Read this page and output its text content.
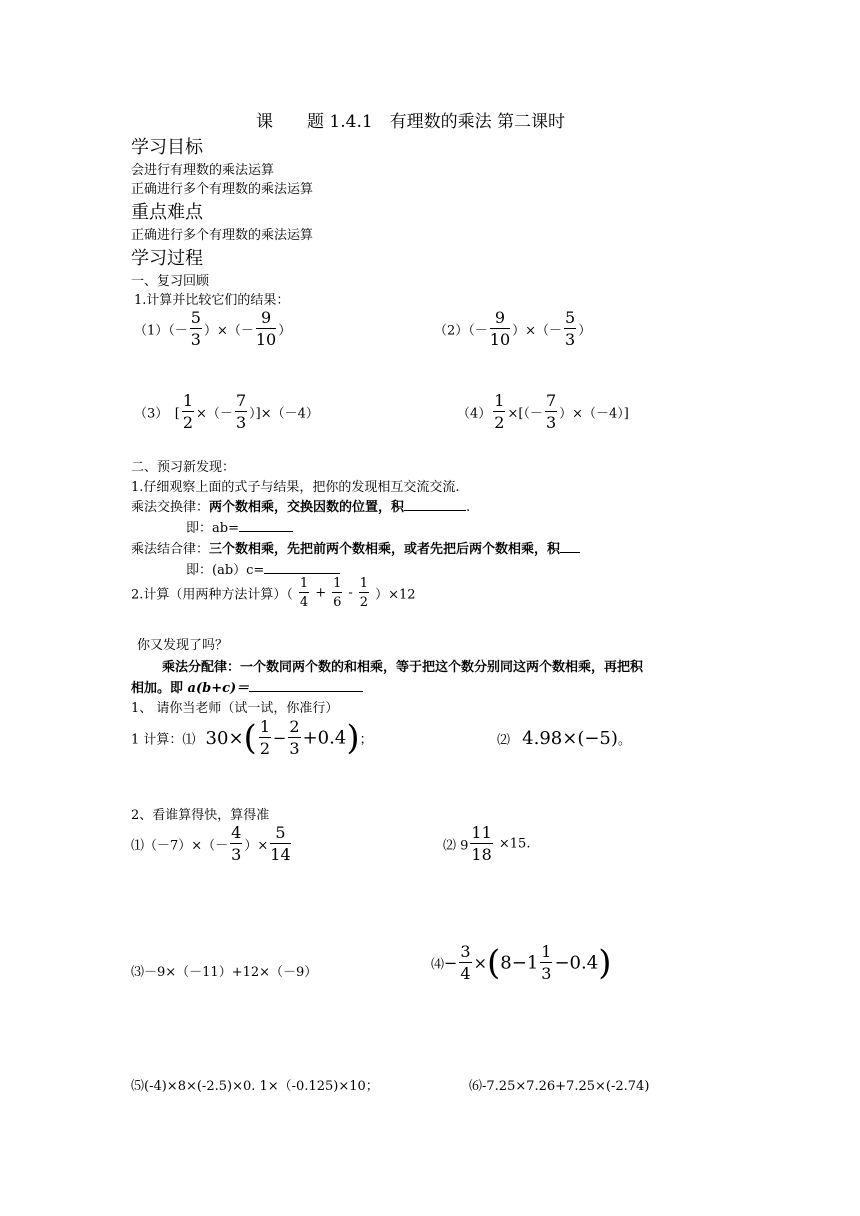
课　　题 1.4.1　有理数的乘法 第二课时
学习目标
会进行有理数的乘法运算
正确进行多个有理数的乘法运算
重点难点
正确进行多个有理数的乘法运算
学习过程
一、复习回顾
1.计算并比较它们的结果：
$(1)(- \frac{5}{3}$ ）×（－ $\frac{9}{10}$ ）	$(2)(- \frac{9}{10}$ ）×（－ $\frac{5}{3}$ ）
（3）　[ $\frac{1}{2}$ ×（－ $\frac{7}{3} )]\times(-4)$	$(4) \frac{1}{2}$ ×[（－ $\frac{7}{3} )\times(-4)$]
二、预习新发现：
1.仔细观察上面的式子与结果，把你的发现相互交流交流.
乘法交换律：两个数相乘，交换因数的位置，积	.
即：ab=
乘法结合律：三个数相乘，先把前两个数相乘，或者先把后两个数相乘，积
即：(ab）c=
2.计算（用两种方法计算）（ $\frac{1}{4} + \frac{1}{6} - \frac{1}{2} )\times 12$
你又发现了吗？
乘法分配律：一个数同两个数的和相乘，等于把这个数分别同这两个数相乘，再把积
相加。即 a(b+c)＝
1、 请你当老师（试一试，你准行）
1 计算：⑴ $30\times( \frac{1}{2} - \frac{2}{3} +0.4)$；	⑵ 4.98×(−5)。
2、看谁算得快，算得准
⑴（－7）×（－ $\frac{4}{3}$ ）× $\frac{5}{14}$	⑵ $9 \frac{11}{18} \times 15$.
⑶－9×（－11）+12×（－9）	⑷− $\frac{3}{4} \times(8-1 \frac{1}{3} -0.4)$
⑸(-4)×8×(-2.5)×0. 1×（-0.125)×10；	⑹-7.25×7.26+7.25×(-2.74)
